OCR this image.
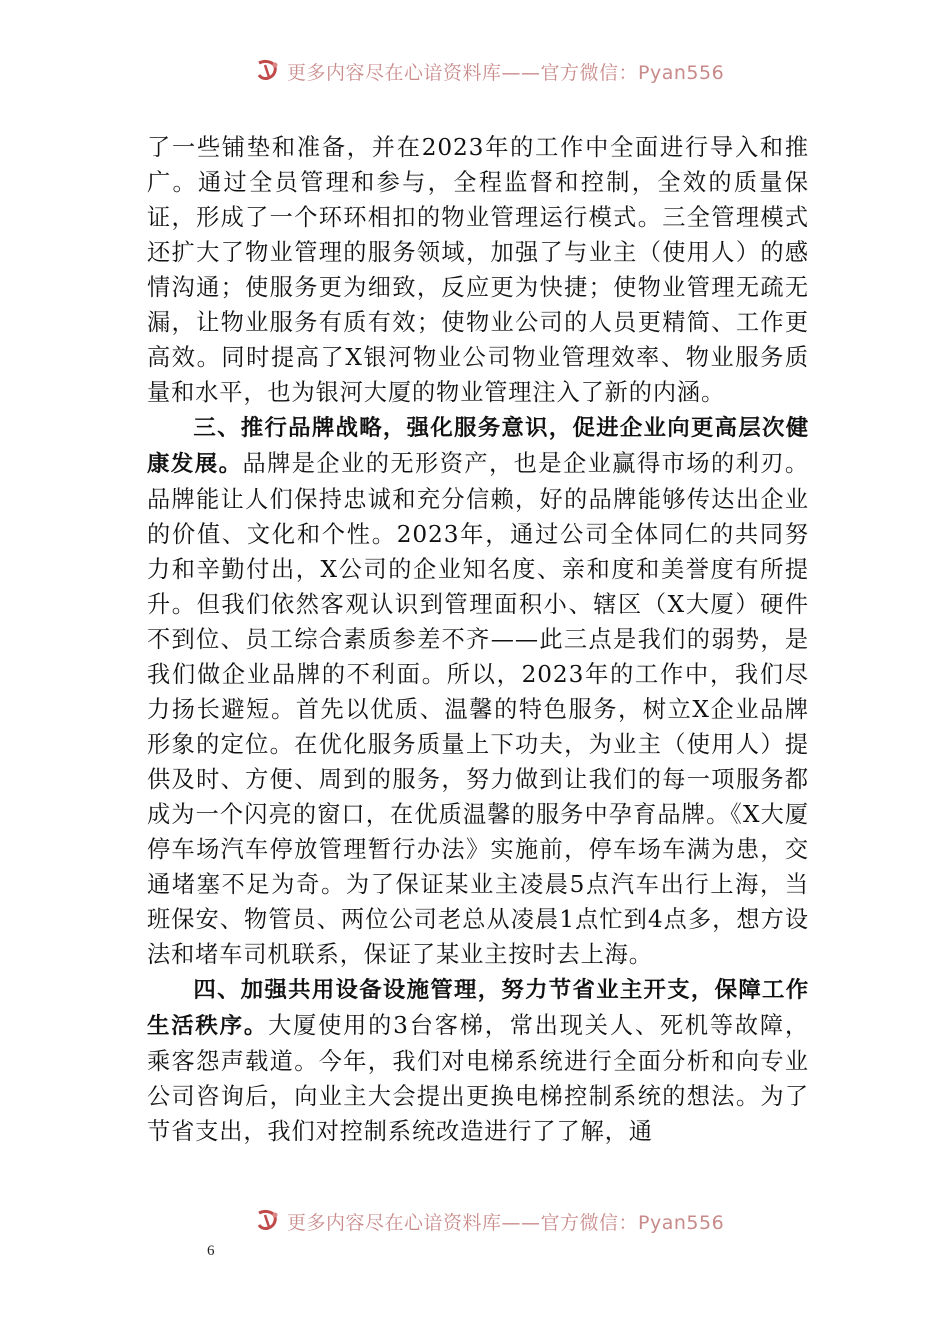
更多内容尽在心谙资料库——官方微信：Pyan556

了一些铺垫和准备，并在2023年的工作中全面进行导入和推广。通过全员管理和参与，全程监督和控制，全效的质量保证，形成了一个环环相扣的物业管理运行模式。三全管理模式还扩大了物业管理的服务领域，加强了与业主（使用人）的感情沟通；使服务更为细致，反应更为快捷；使物业管理无疏无漏，让物业服务有质有效；使物业公司的人员更精简、工作更高效。同时提高了X银河物业公司物业管理效率、物业服务质量和水平，也为银河大厦的物业管理注入了新的内涵。

三、推行品牌战略，强化服务意识，促进企业向更高层次健康发展。品牌是企业的无形资产，也是企业赢得市场的利刃。品牌能让人们保持忠诚和充分信赖，好的品牌能够传达出企业的价值、文化和个性。2023年，通过公司全体同仁的共同努力和辛勤付出，X公司的企业知名度、亲和度和美誉度有所提升。但我们依然客观认识到管理面积小、辖区（X大厦）硬件不到位、员工综合素质参差不齐——此三点是我们的弱势，是我们做企业品牌的不利面。所以，2023年的工作中，我们尽力扬长避短。首先以优质、温馨的特色服务，树立X企业品牌形象的定位。在优化服务质量上下功夫，为业主（使用人）提供及时、方便、周到的服务，努力做到让我们的每一项服务都成为一个闪亮的窗口，在优质温馨的服务中孕育品牌。《X大厦停车场汽车停放管理暂行办法》实施前，停车场车满为患，交通堵塞不足为奇。为了保证某业主凌晨5点汽车出行上海，当班保安、物管员、两位公司老总从凌晨1点忙到4点多，想方设法和堵车司机联系，保证了某业主按时去上海。

四、加强共用设备设施管理，努力节省业主开支，保障工作生活秩序。大厦使用的3台客梯，常出现关人、死机等故障，乘客怨声载道。今年，我们对电梯系统进行全面分析和向专业公司咨询后，向业主大会提出更换电梯控制系统的想法。为了节省支出，我们对控制系统改造进行了了解，通

更多内容尽在心谙资料库——官方微信：Pyan556
6
